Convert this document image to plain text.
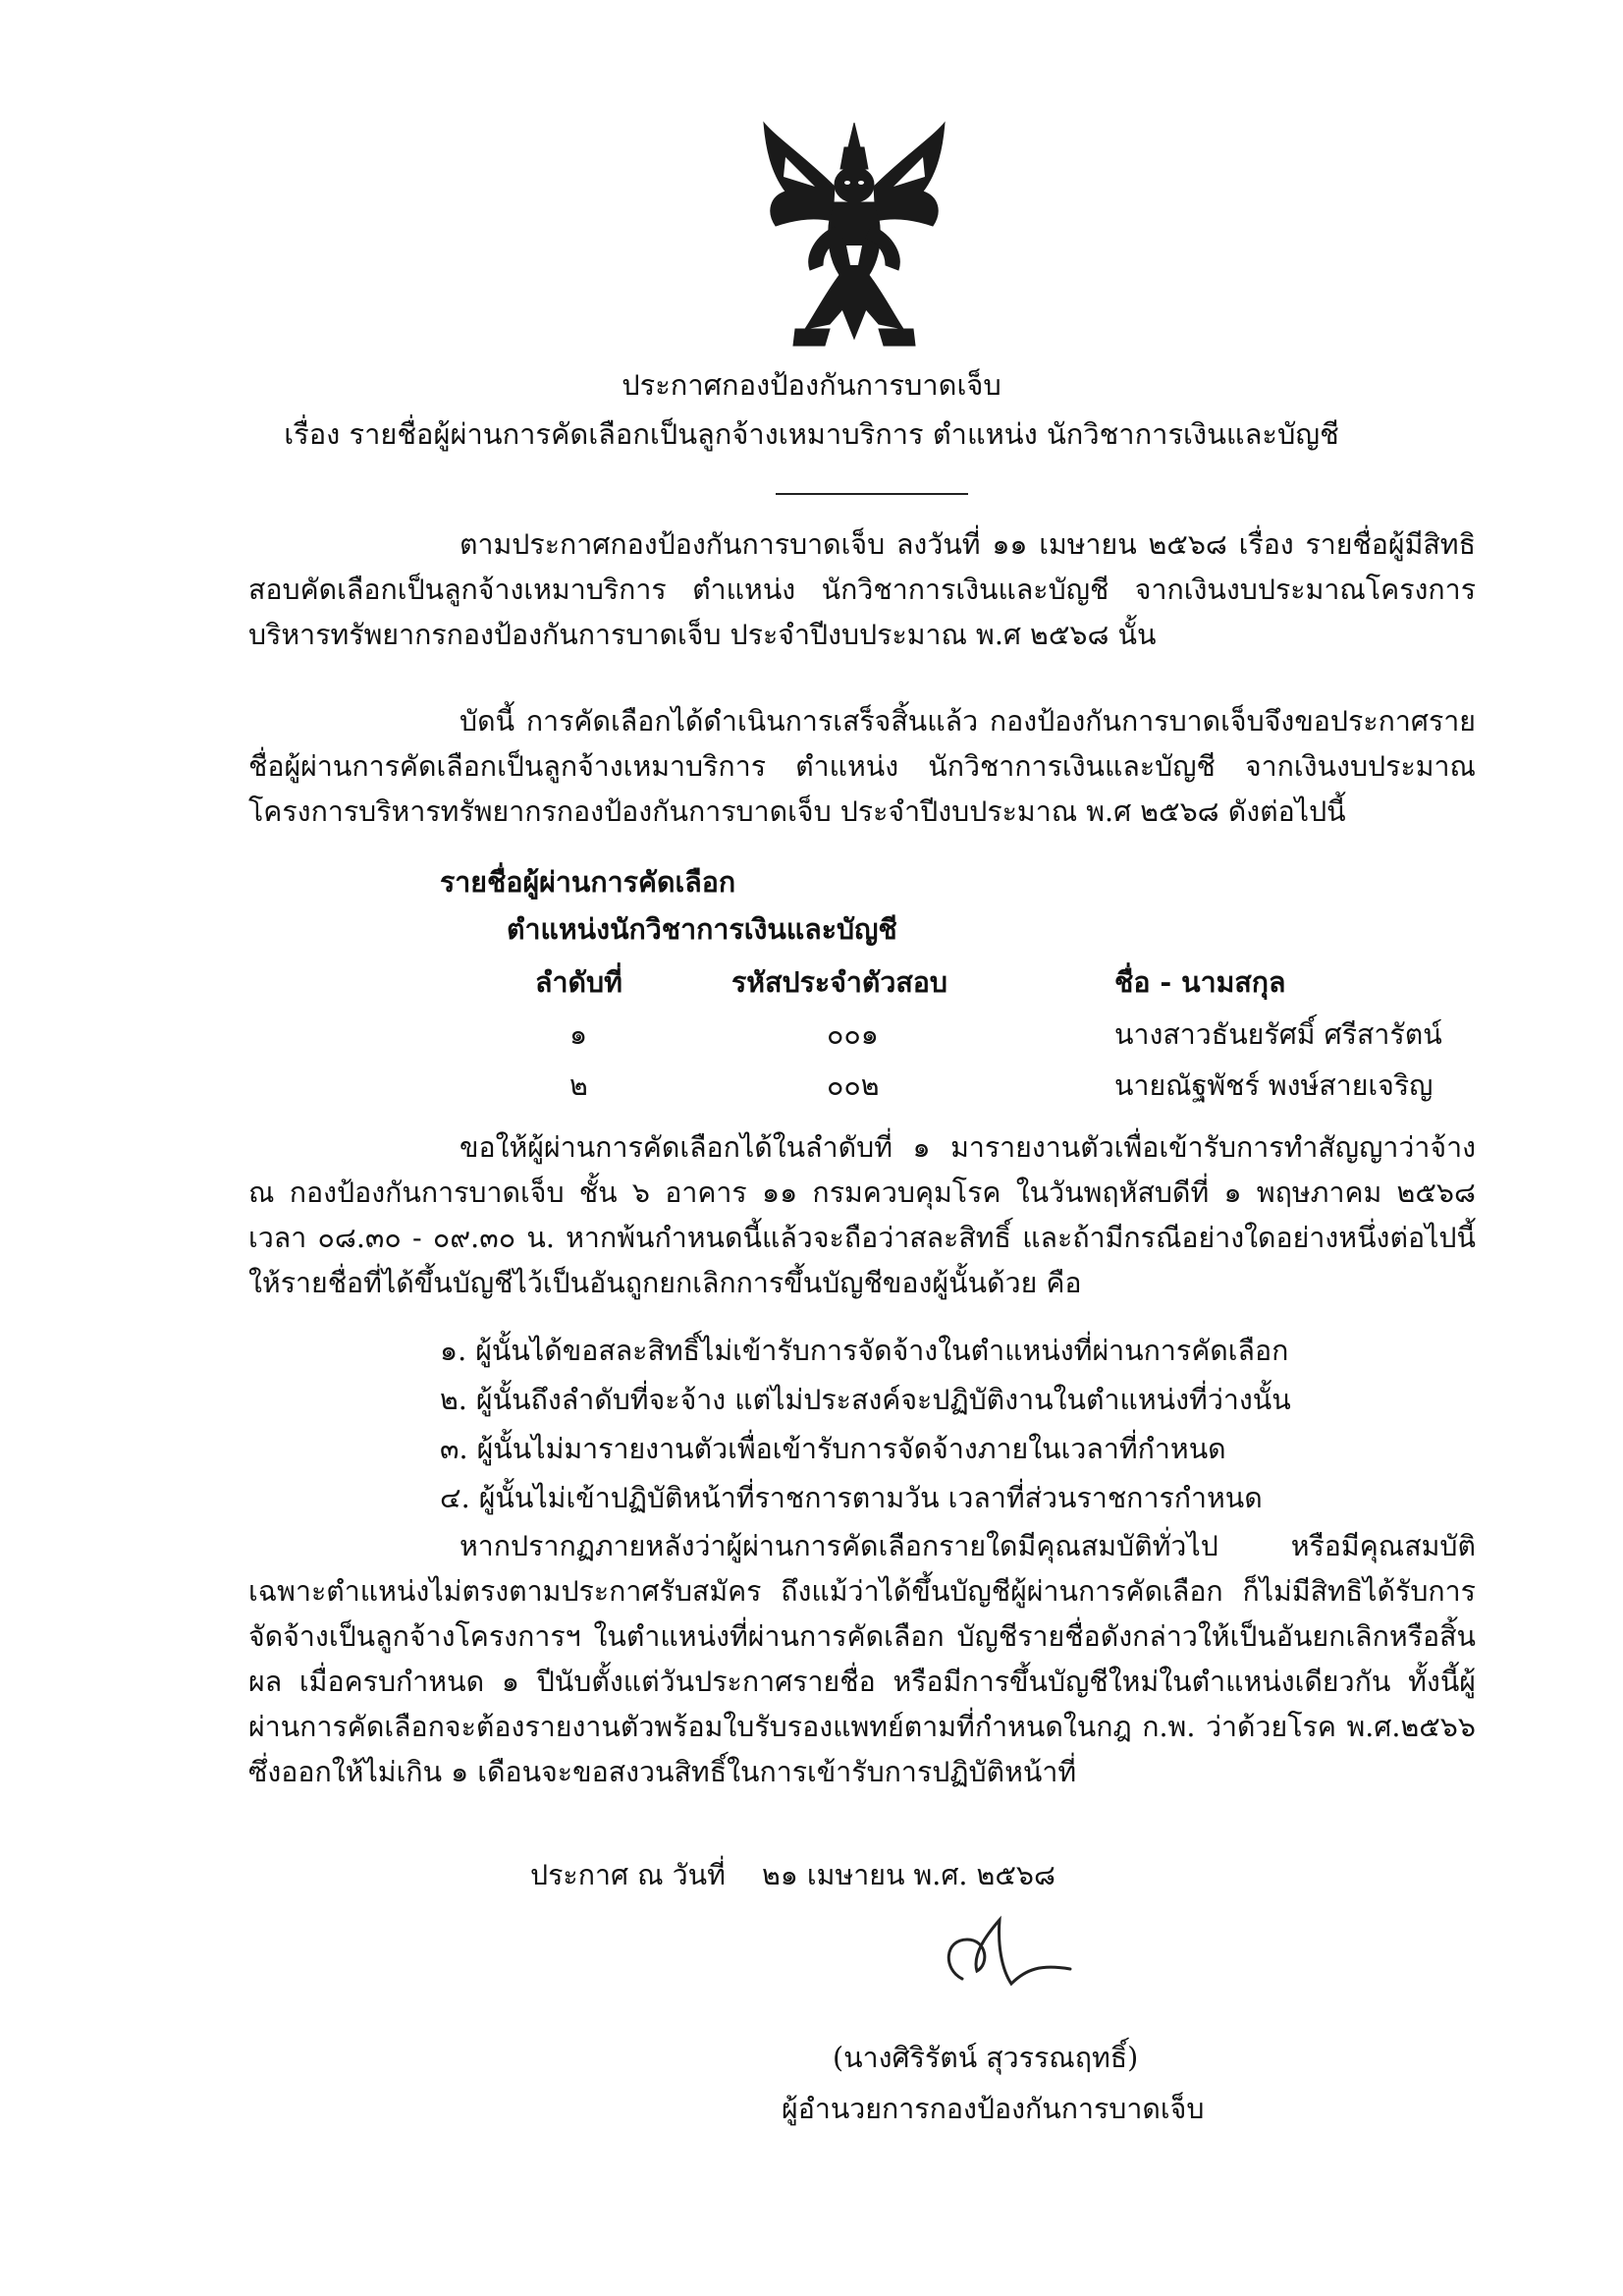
ประกาศกองป้องกันการบาดเจ็บ
เรื่อง รายชื่อผู้ผ่านการคัดเลือกเป็นลูกจ้างเหมาบริการ ตำแหน่ง นักวิชาการเงินและบัญชี
ตามประกาศกองป้องกันการบาดเจ็บ ลงวันที่ ๑๑ เมษายน ๒๕๖๘ เรื่อง รายชื่อผู้มีสิทธิสอบคัดเลือกเป็นลูกจ้างเหมาบริการ ตำแหน่ง นักวิชาการเงินและบัญชี จากเงินงบประมาณโครงการบริหารทรัพยากรกองป้องกันการบาดเจ็บ ประจำปีงบประมาณ พ.ศ ๒๕๖๘ นั้น
บัดนี้ การคัดเลือกได้ดำเนินการเสร็จสิ้นแล้ว กองป้องกันการบาดเจ็บจึงขอประกาศรายชื่อผู้ผ่านการคัดเลือกเป็นลูกจ้างเหมาบริการ ตำแหน่ง นักวิชาการเงินและบัญชี จากเงินงบประมาณโครงการบริหารทรัพยากรกองป้องกันการบาดเจ็บ ประจำปีงบประมาณ พ.ศ ๒๕๖๘ ดังต่อไปนี้
รายชื่อผู้ผ่านการคัดเลือก
ตำแหน่งนักวิชาการเงินและบัญชี
ลำดับที่	รหัสประจำตัวสอบ	ชื่อ - นามสกุล
๑	๐๐๑	นางสาวธันยรัศมิ์ ศรีสารัตน์
๒	๐๐๒	นายณัฐพัชร์ พงษ์สายเจริญ
ขอให้ผู้ผ่านการคัดเลือกได้ในลำดับที่ ๑ มารายงานตัวเพื่อเข้ารับการทำสัญญาว่าจ้าง ณ กองป้องกันการบาดเจ็บ ชั้น ๖ อาคาร ๑๑ กรมควบคุมโรค ในวันพฤหัสบดีที่ ๑ พฤษภาคม ๒๕๖๘ เวลา ๐๘.๓๐ - ๐๙.๓๐ น. หากพ้นกำหนดนี้แล้วจะถือว่าสละสิทธิ์ และถ้ามีกรณีอย่างใดอย่างหนึ่งต่อไปนี้ให้รายชื่อที่ได้ขึ้นบัญชีไว้เป็นอันถูกยกเลิกการขึ้นบัญชีของผู้นั้นด้วย คือ
๑. ผู้นั้นได้ขอสละสิทธิ์ไม่เข้ารับการจัดจ้างในตำแหน่งที่ผ่านการคัดเลือก
๒. ผู้นั้นถึงลำดับที่จะจ้าง แต่ไม่ประสงค์จะปฏิบัติงานในตำแหน่งที่ว่างนั้น
๓. ผู้นั้นไม่มารายงานตัวเพื่อเข้ารับการจัดจ้างภายในเวลาที่กำหนด
๔. ผู้นั้นไม่เข้าปฏิบัติหน้าที่ราชการตามวัน เวลาที่ส่วนราชการกำหนด
หากปรากฏภายหลังว่าผู้ผ่านการคัดเลือกรายใดมีคุณสมบัติทั่วไป หรือมีคุณสมบัติเฉพาะตำแหน่งไม่ตรงตามประกาศรับสมัคร ถึงแม้ว่าได้ขึ้นบัญชีผู้ผ่านการคัดเลือก ก็ไม่มีสิทธิได้รับการจัดจ้างเป็นลูกจ้างโครงการฯ ในตำแหน่งที่ผ่านการคัดเลือก บัญชีรายชื่อดังกล่าวให้เป็นอันยกเลิกหรือสิ้นผล เมื่อครบกำหนด ๑ ปีนับตั้งแต่วันประกาศรายชื่อ หรือมีการขึ้นบัญชีใหม่ในตำแหน่งเดียวกัน ทั้งนี้ผู้ผ่านการคัดเลือกจะต้องรายงานตัวพร้อมใบรับรองแพทย์ตามที่กำหนดในกฎ ก.พ. ว่าด้วยโรค พ.ศ.๒๕๖๖ ซึ่งออกให้ไม่เกิน ๑ เดือนจะขอสงวนสิทธิ์ในการเข้ารับการปฏิบัติหน้าที่
ประกาศ ณ วันที่ ๒๑ เมษายน พ.ศ. ๒๕๖๘
(นางศิริรัตน์ สุวรรณฤทธิ์)
ผู้อำนวยการกองป้องกันการบาดเจ็บ
